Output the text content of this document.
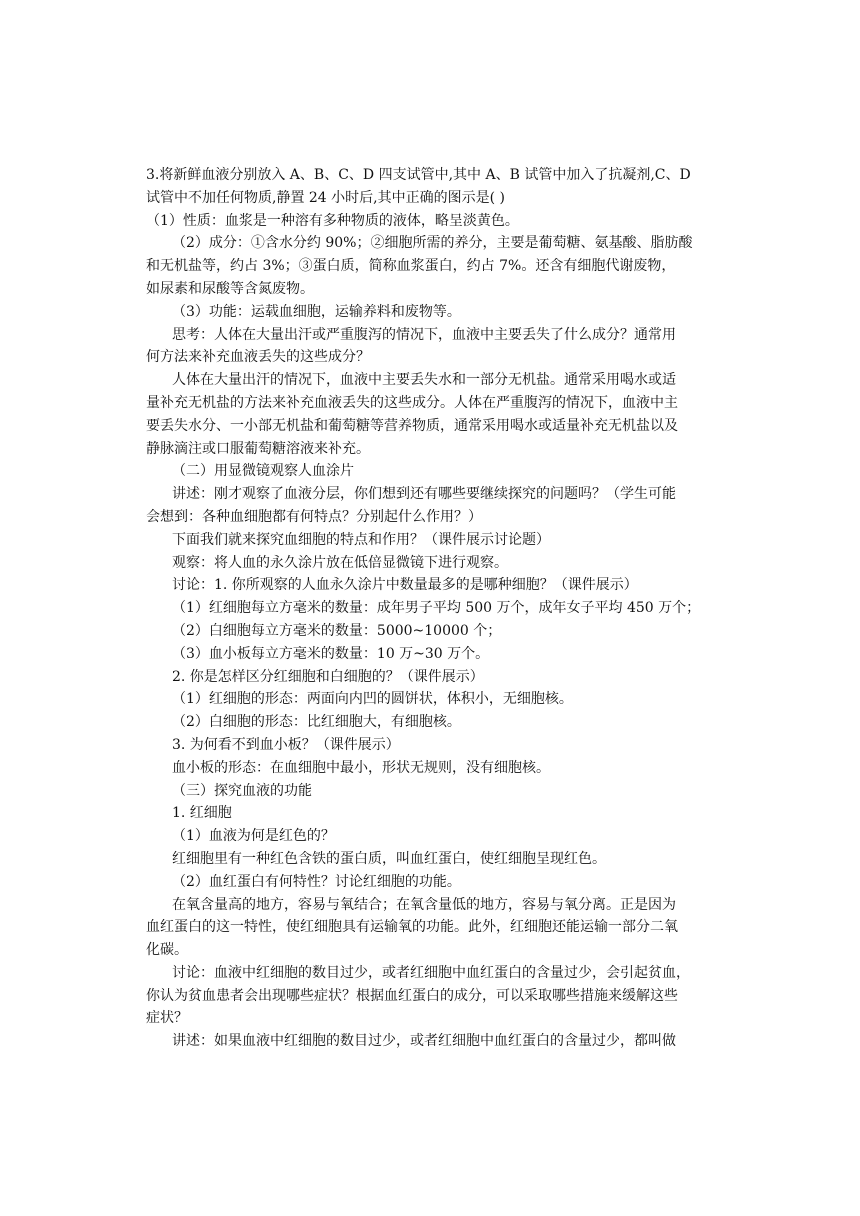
3.将新鲜血液分别放入 A、B、C、D 四支试管中,其中 A、B 试管中加入了抗凝剂,C、D
试管中不加任何物质,静置 24 小时后,其中正确的图示是( )
（1）性质：血浆是一种溶有多种物质的液体，略呈淡黄色。
（2）成分：①含水分约 90%；②细胞所需的养分，主要是葡萄糖、氨基酸、脂肪酸
和无机盐等，约占 3%；③蛋白质，简称血浆蛋白，约占 7%。还含有细胞代谢废物，
如尿素和尿酸等含氮废物。
（3）功能：运载血细胞，运输养料和废物等。
思考：人体在大量出汗或严重腹泻的情况下，血液中主要丢失了什么成分？通常用
何方法来补充血液丢失的这些成分？
人体在大量出汗的情况下，血液中主要丢失水和一部分无机盐。通常采用喝水或适
量补充无机盐的方法来补充血液丢失的这些成分。人体在严重腹泻的情况下，血液中主
要丢失水分、一小部无机盐和葡萄糖等营养物质，通常采用喝水或适量补充无机盐以及
静脉滴注或口服葡萄糖溶液来补充。
（二）用显微镜观察人血涂片
讲述：刚才观察了血液分层，你们想到还有哪些要继续探究的问题吗？（学生可能
会想到：各种血细胞都有何特点？分别起什么作用？）
下面我们就来探究血细胞的特点和作用？（课件展示讨论题）
观察：将人血的永久涂片放在低倍显微镜下进行观察。
讨论：1. 你所观察的人血永久涂片中数量最多的是哪种细胞？（课件展示）
（1）红细胞每立方毫米的数量：成年男子平均 500 万个，成年女子平均 450 万个；
（2）白细胞每立方毫米的数量：5000~10000 个；
（3）血小板每立方毫米的数量：10 万~30 万个。
2. 你是怎样区分红细胞和白细胞的？（课件展示）
（1）红细胞的形态：两面向内凹的圆饼状，体积小，无细胞核。
（2）白细胞的形态：比红细胞大，有细胞核。
3. 为何看不到血小板？（课件展示）
血小板的形态：在血细胞中最小，形状无规则，没有细胞核。
（三）探究血液的功能
1. 红细胞
（1）血液为何是红色的？
红细胞里有一种红色含铁的蛋白质，叫血红蛋白，使红细胞呈现红色。
（2）血红蛋白有何特性？讨论红细胞的功能。
在氧含量高的地方，容易与氧结合；在氧含量低的地方，容易与氧分离。正是因为
血红蛋白的这一特性，使红细胞具有运输氧的功能。此外，红细胞还能运输一部分二氧
化碳。
讨论：血液中红细胞的数目过少，或者红细胞中血红蛋白的含量过少，会引起贫血，
你认为贫血患者会出现哪些症状？根据血红蛋白的成分，可以采取哪些措施来缓解这些
症状？
讲述：如果血液中红细胞的数目过少，或者红细胞中血红蛋白的含量过少，都叫做
